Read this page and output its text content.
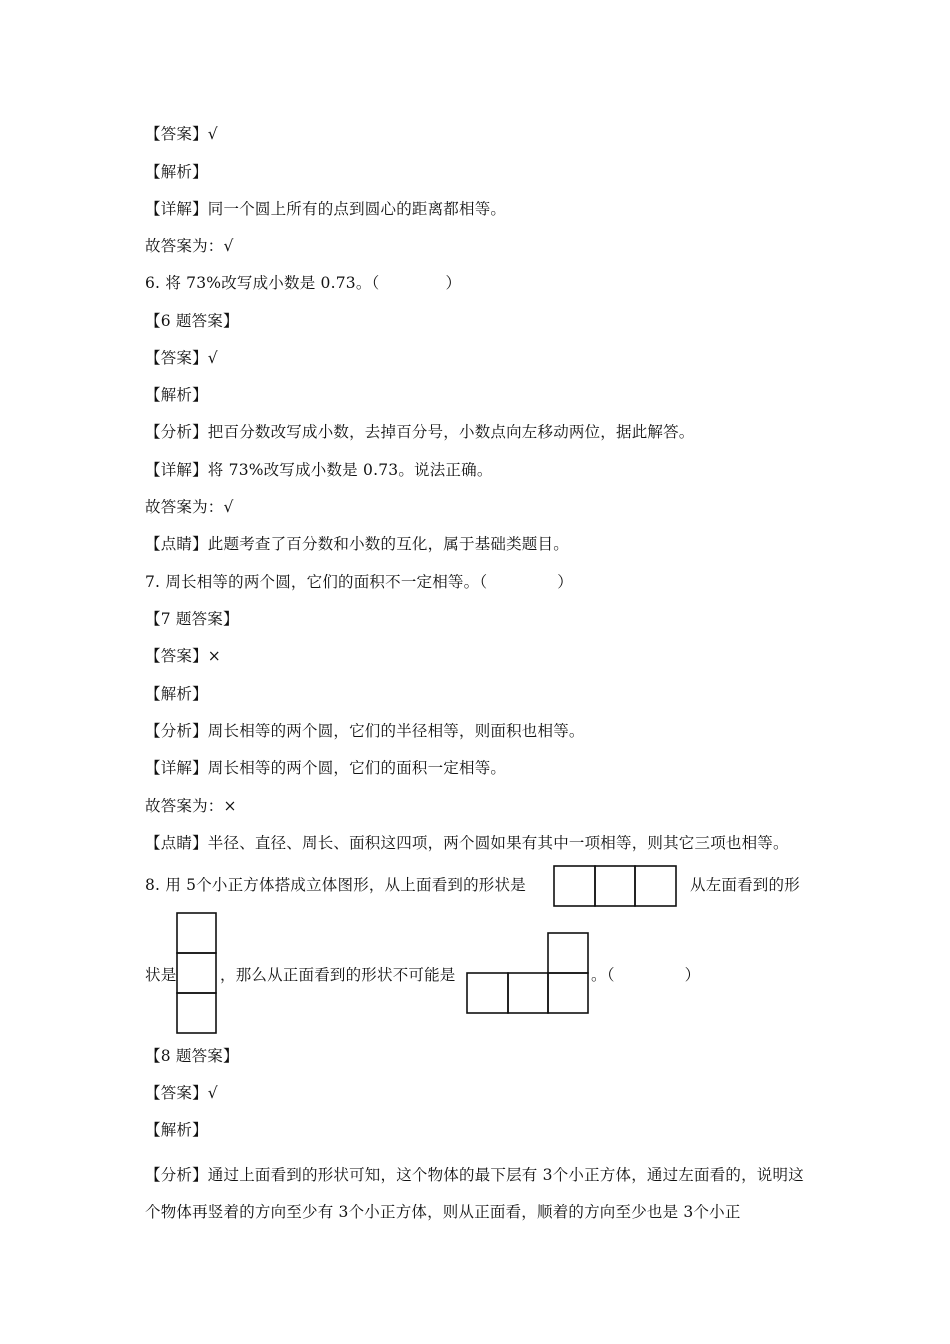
【答案】√
【解析】
【详解】同一个圆上所有的点到圆心的距离都相等。
故答案为：√
6. 将 73%改写成小数是 0.73。（	）
【6 题答案】
【答案】√
【解析】
【分析】把百分数改写成小数，去掉百分号，小数点向左移动两位，据此解答。
【详解】将 73%改写成小数是 0.73。说法正确。
故答案为：√
【点睛】此题考查了百分数和小数的互化，属于基础类题目。
7. 周长相等的两个圆，它们的面积不一定相等。（	）
【7 题答案】
【答案】×
【解析】
【分析】周长相等的两个圆，它们的半径相等，则面积也相等。
【详解】周长相等的两个圆，它们的面积一定相等。
故答案为：×
【点睛】半径、直径、周长、面积这四项，两个圆如果有其中一项相等，则其它三项也相等。
8. 用 5个小正方体搭成立体图形，从上面看到的形状是	从左面看到的形
状是	，那么从正面看到的形状不可能是	。（	）
【8 题答案】
【答案】√
【解析】
【分析】通过上面看到的形状可知，这个物体的最下层有 3个小正方体，通过左面看的，说明这个物体再竖着的方向至少有 3个小正方体，则从正面看，顺着的方向至少也是 3个小正
